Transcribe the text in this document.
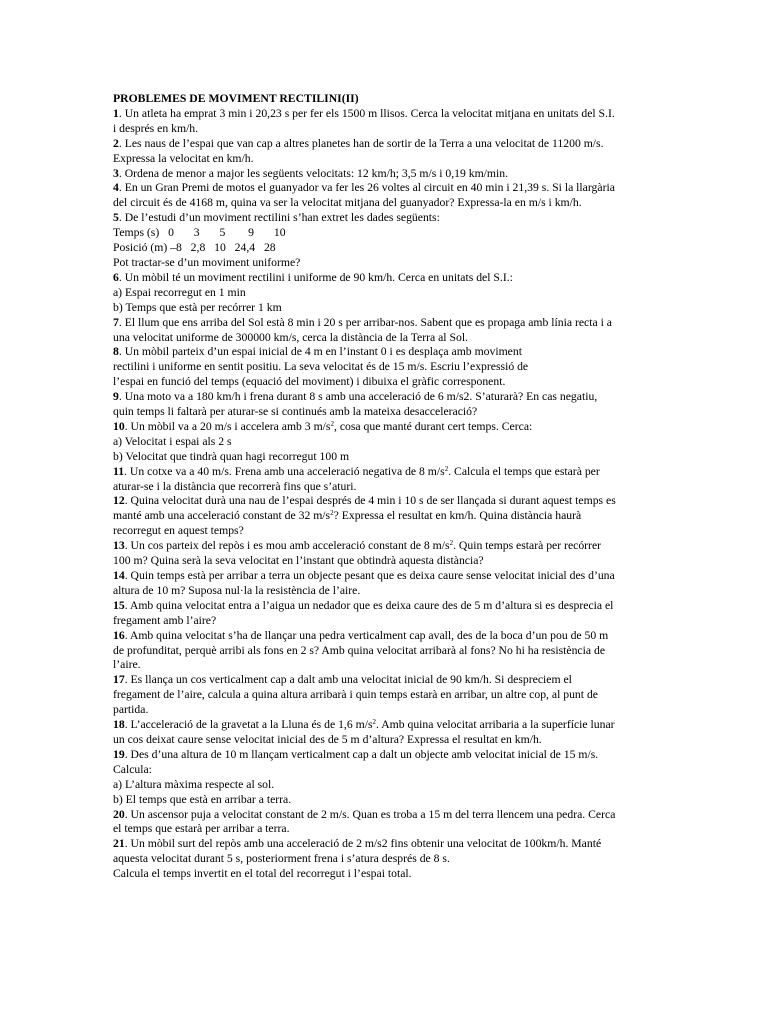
PROBLEMES DE MOVIMENT RECTILINI(II)
1. Un atleta ha emprat 3 min i 20,23 s per fer els 1500 m llisos. Cerca la velocitat mitjana en unitats del S.I.
i després en km/h.
2. Les naus de l’espai que van cap a altres planetes han de sortir de la Terra a una velocitat de 11200 m/s.
Expressa la velocitat en km/h.
3. Ordena de menor a major les següents velocitats: 12 km/h; 3,5 m/s i 0,19 km/min.
4. En un Gran Premi de motos el guanyador va fer les 26 voltes al circuit en 40 min i 21,39 s. Si la llargària
del circuit és de 4168 m, quina va ser la velocitat mitjana del guanyador? Expressa-la en m/s i km/h.
5. De l’estudi d’un moviment rectilini s’han extret les dades següents:
Temps (s) 0 3 5 9 10
Posició (m) –8 2,8 10 24,4 28
Pot tractar-se d’un moviment uniforme?
6. Un mòbil té un moviment rectilini i uniforme de 90 km/h. Cerca en unitats del S.I.:
a) Espai recorregut en 1 min
b) Temps que està per recórrer 1 km
7. El llum que ens arriba del Sol està 8 min i 20 s per arribar-nos. Sabent que es propaga amb línia recta i a
una velocitat uniforme de 300000 km/s, cerca la distància de la Terra al Sol.
8. Un mòbil parteix d’un espai inicial de 4 m en l’instant 0 i es desplaça amb moviment
rectilini i uniforme en sentit positiu. La seva velocitat és de 15 m/s. Escriu l’expressió de
l’espai en funció del temps (equació del moviment) i dibuixa el gràfic corresponent.
9. Una moto va a 180 km/h i frena durant 8 s amb una acceleració de 6 m/s2. S’aturarà? En cas negatiu,
quin temps li faltarà per aturar-se si continués amb la mateixa desacceleració?
10. Un mòbil va a 20 m/s i accelera amb 3 $m/s^2$, cosa que manté durant cert temps. Cerca:
a) Velocitat i espai als 2 s
b) Velocitat que tindrà quan hagi recorregut 100 m
11. Un cotxe va a 40 m/s. Frena amb una acceleració negativa de 8 $m/s^2$. Calcula el temps que estarà per
aturar-se i la distància que recorrerà fins que s’aturi.
12. Quina velocitat durà una nau de l’espai després de 4 min i 10 s de ser llançada si durant aquest temps es
manté amb una acceleració constant de 32 $m/s^2$? Expressa el resultat en km/h. Quina distància haurà
recorregut en aquest temps?
13. Un cos parteix del repòs i es mou amb acceleració constant de 8 $m/s^2$. Quin temps estarà per recórrer
100 m? Quina serà la seva velocitat en l’instant que obtindrà aquesta distància?
14. Quin temps està per arribar a terra un objecte pesant que es deixa caure sense velocitat inicial des d’una
altura de 10 m? Suposa nul·la la resistència de l’aire.
15. Amb quina velocitat entra a l’aigua un nedador que es deixa caure des de 5 m d’altura si es desprecia el
fregament amb l’aire?
16. Amb quina velocitat s’ha de llançar una pedra verticalment cap avall, des de la boca d’un pou de 50 m
de profunditat, perquè arribi als fons en 2 s? Amb quina velocitat arribarà al fons? No hi ha resistència de
l’aire.
17. Es llança un cos verticalment cap a dalt amb una velocitat inicial de 90 km/h. Si despreciem el
fregament de l’aire, calcula a quina altura arribarà i quin temps estarà en arribar, un altre cop, al punt de
partida.
18. L’acceleració de la gravetat a la Lluna és de 1,6 $m/s^2$. Amb quina velocitat arribaria a la superfície lunar
un cos deixat caure sense velocitat inicial des de 5 m d’altura? Expressa el resultat en km/h.
19. Des d’una altura de 10 m llançam verticalment cap a dalt un objecte amb velocitat inicial de 15 m/s.
Calcula:
a) L’altura màxima respecte al sol.
b) El temps que està en arribar a terra.
20. Un ascensor puja a velocitat constant de 2 m/s. Quan es troba a 15 m del terra llencem una pedra. Cerca
el temps que estarà per arribar a terra.
21. Un mòbil surt del repòs amb una acceleració de 2 m/s2 fins obtenir una velocitat de 100km/h. Manté
aquesta velocitat durant 5 s, posteriorment frena i s’atura després de 8 s.
Calcula el temps invertit en el total del recorregut i l’espai total.
